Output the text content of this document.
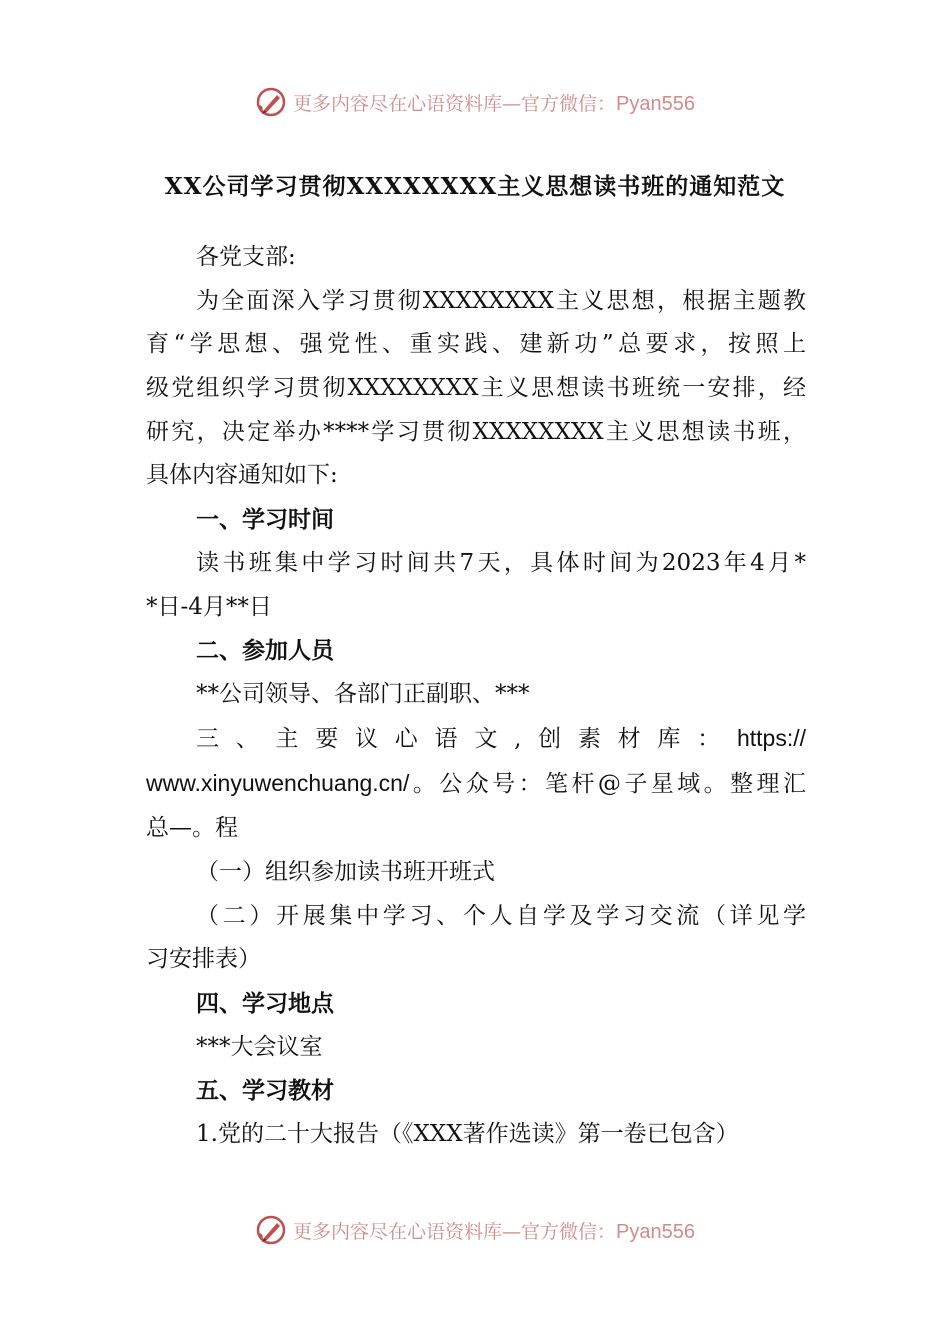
更多内容尽在心语资料库—官方微信：Pyan556
XX公司学习贯彻XXXXXXXX主义思想读书班的通知范文
各党支部:
为全面深入学习贯彻XXXXXXXX主义思想，根据主题教
育“学思想、强党性、重实践、建新功”总要求，按照上
级党组织学习贯彻XXXXXXXX主义思想读书班统一安排，经
研究，决定举办****学习贯彻XXXXXXXX主义思想读书班，
具体内容通知如下:
一、学习时间
读书班集中学习时间共7天，具体时间为2023年4月*
*日-4月**日
二、参加人员
**公司领导、各部门正副职、***
三、主要议心语文,创素材库：https://
www.xinyuwenchuang.cn/。公众号：笔杆@子星域。整理汇
总—。程
（一）组织参加读书班开班式
（二）开展集中学习、个人自学及学习交流（详见学
习安排表）
四、学习地点
***大会议室
五、学习教材
1.党的二十大报告（《XXX著作选读》第一卷已包含）
更多内容尽在心语资料库—官方微信：Pyan556
